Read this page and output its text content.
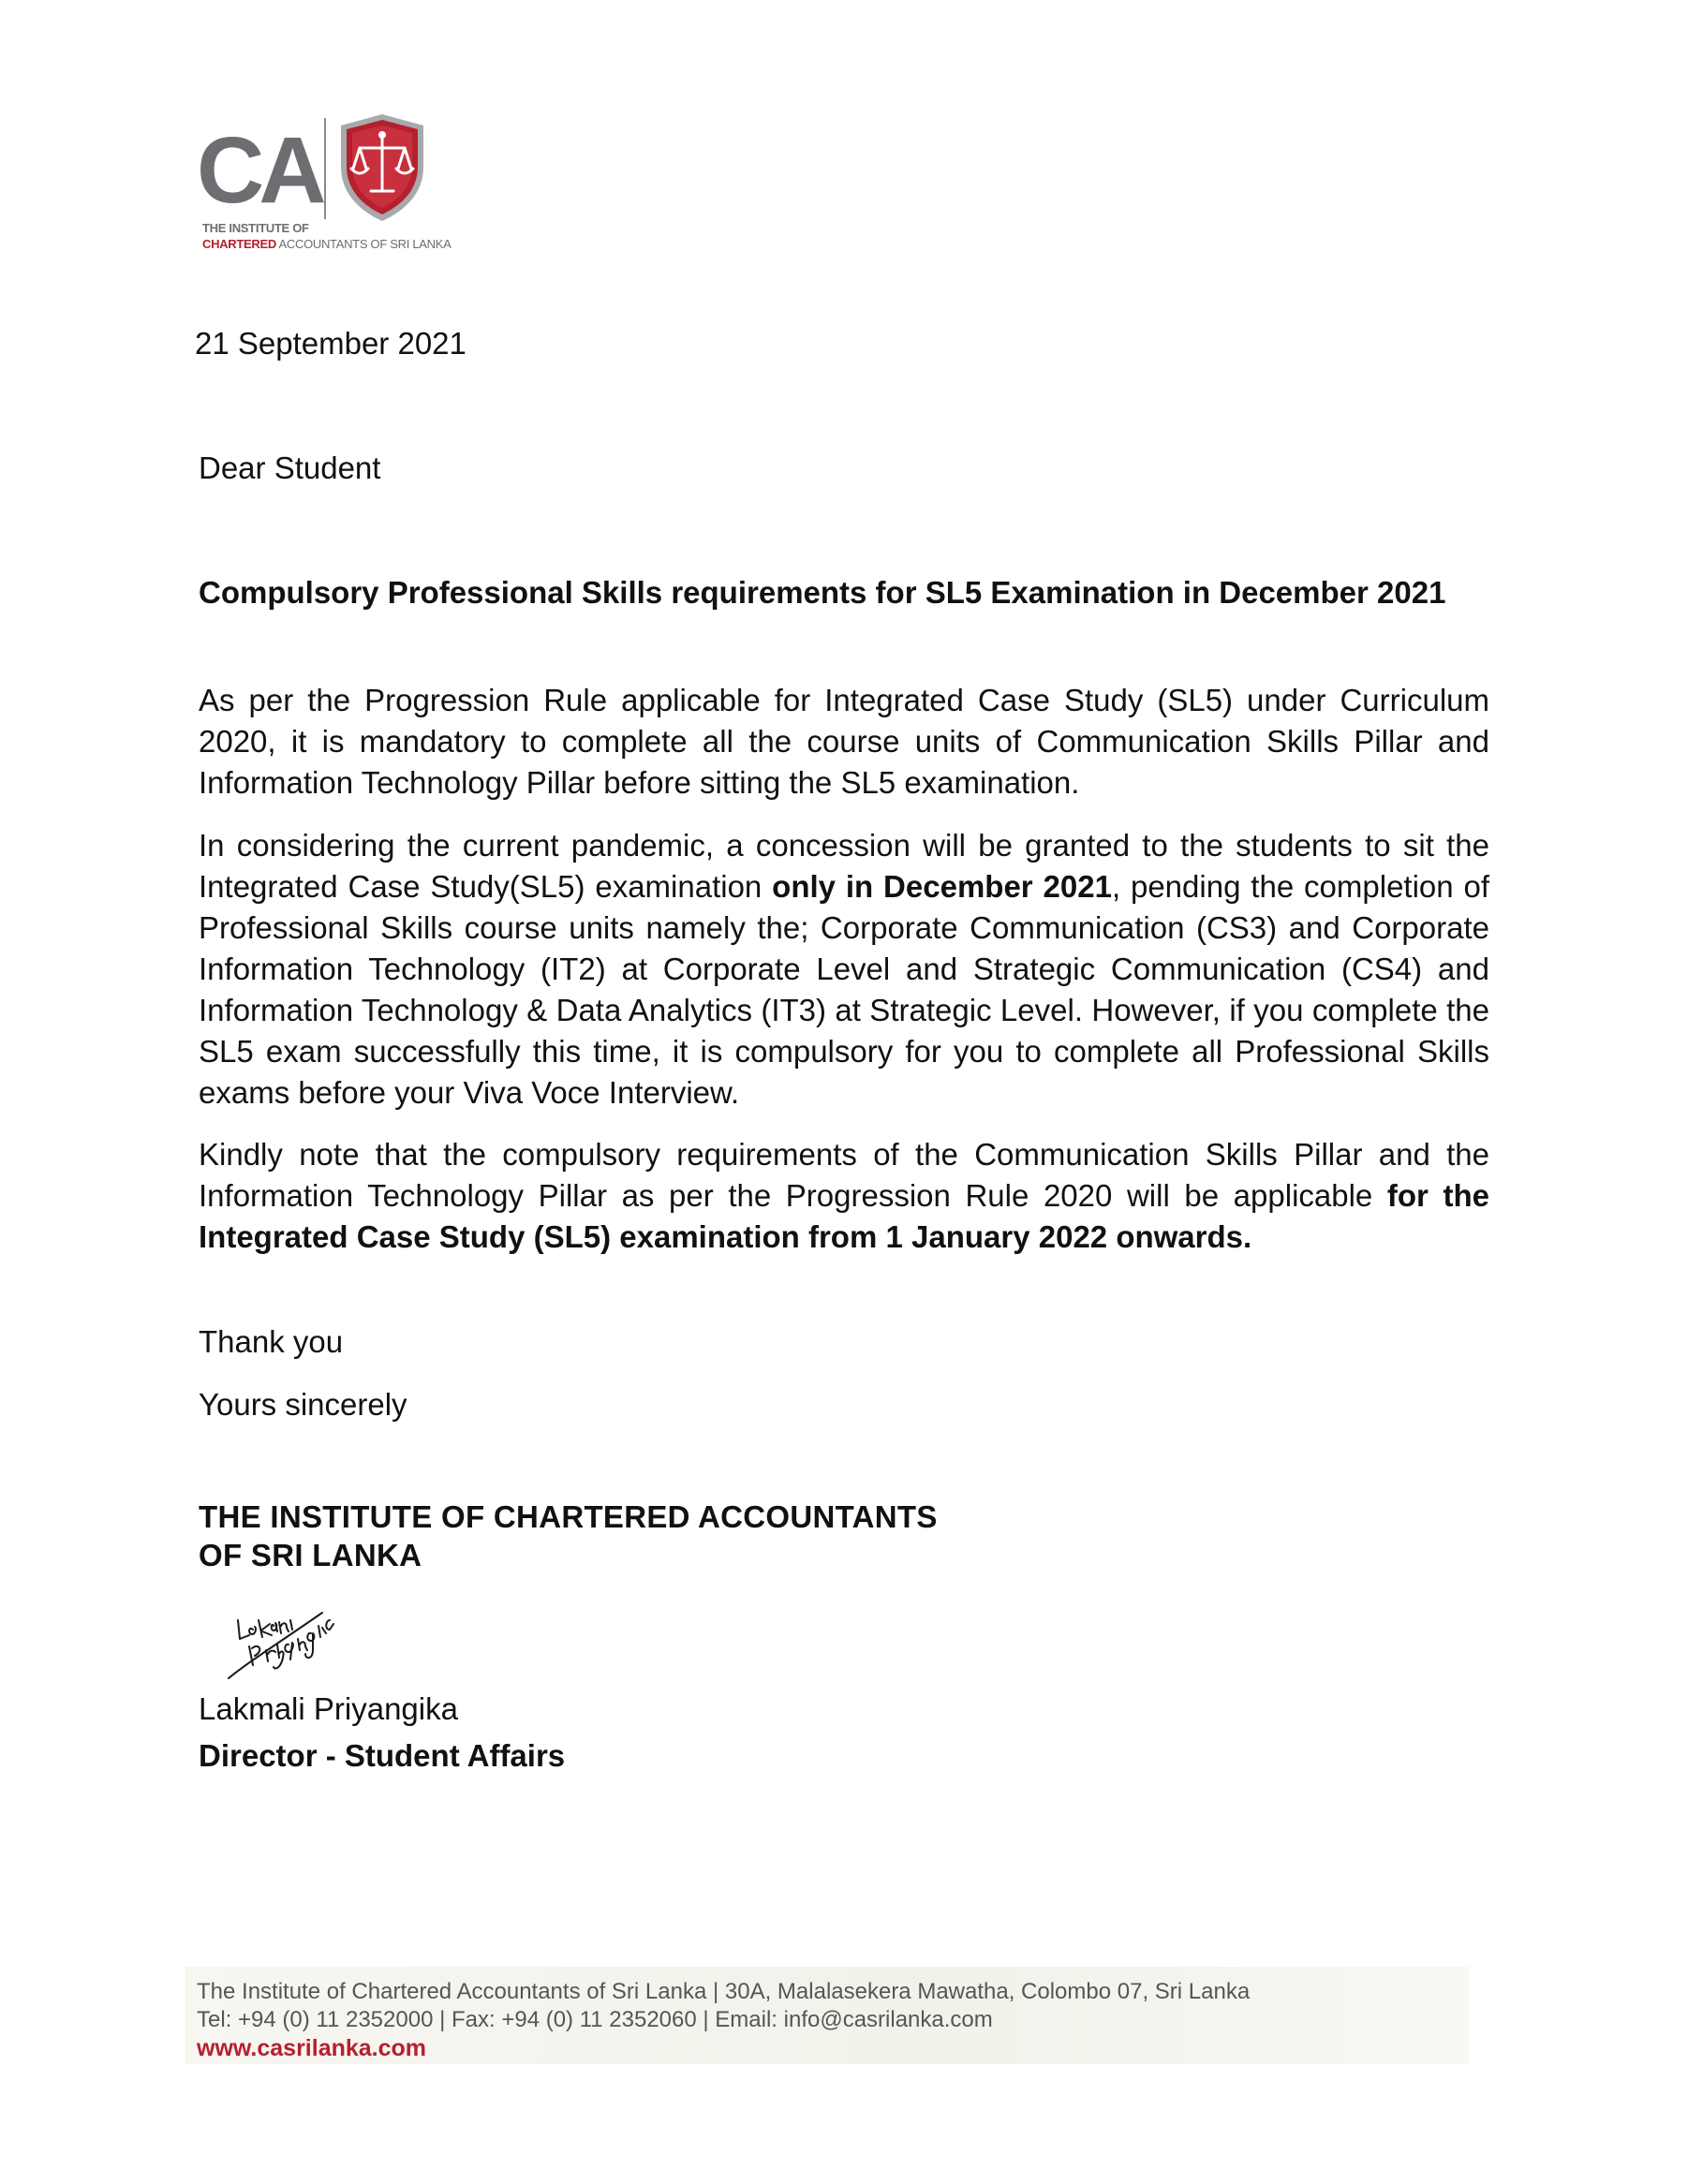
CA
THE INSTITUTE OF
CHARTERED ACCOUNTANTS OF SRI LANKA
21 September 2021
Dear Student
Compulsory Professional Skills requirements for SL5 Examination in December 2021
As per the Progression Rule applicable for Integrated Case Study (SL5) under Curriculum 2020, it is mandatory to complete all the course units of Communication Skills Pillar and Information Technology Pillar before sitting the SL5 examination.
In considering the current pandemic, a concession will be granted to the students to sit the Integrated Case Study(SL5) examination only in December 2021, pending the completion of Professional Skills course units namely the; Corporate Communication (CS3) and Corporate Information Technology (IT2) at Corporate Level and Strategic Communication (CS4) and Information Technology & Data Analytics (IT3) at Strategic Level. However, if you complete the SL5 exam successfully this time, it is compulsory for you to complete all Professional Skills exams before your Viva Voce Interview.
Kindly note that the compulsory requirements of the Communication Skills Pillar and the Information Technology Pillar as per the Progression Rule 2020 will be applicable for the Integrated Case Study (SL5) examination from 1 January 2022 onwards.
Thank you
Yours sincerely
THE INSTITUTE OF CHARTERED ACCOUNTANTS
OF SRI LANKA
Lakmali Priyangika
Director - Student Affairs
The Institute of Chartered Accountants of Sri Lanka | 30A, Malalasekera Mawatha, Colombo 07, Sri Lanka
Tel: +94 (0) 11 2352000 | Fax: +94 (0) 11 2352060 | Email: info@casrilanka.com
www.casrilanka.com
